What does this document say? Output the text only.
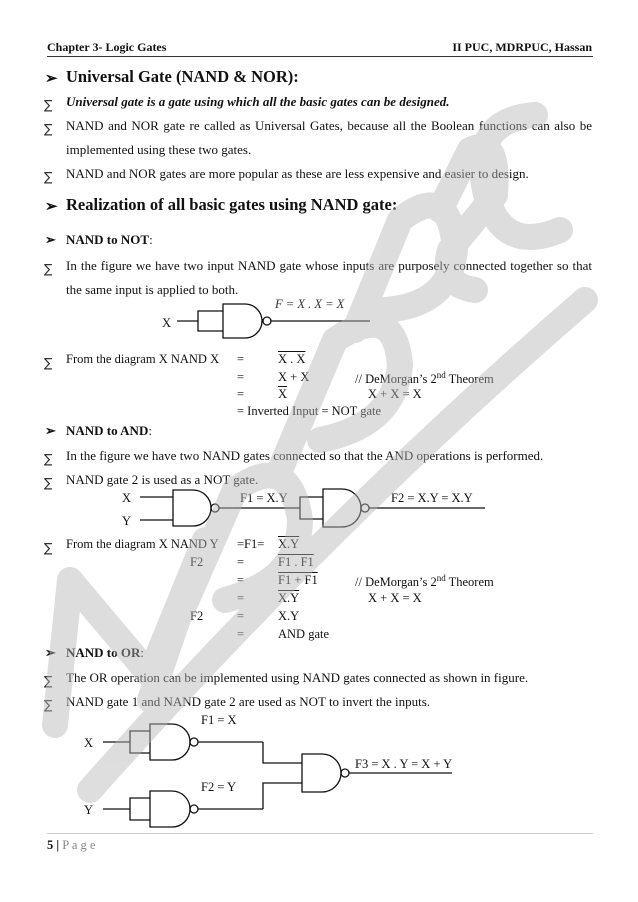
Chapter 3- Logic Gates	II PUC, MDRPUC, Hassan
➢ Universal Gate (NAND & NOR):
∑ Universal gate is a gate using which all the basic gates can be designed.
∑ NAND and NOR gate re called as Universal Gates, because all the Boolean functions can also be implemented using these two gates.
∑ NAND and NOR gates are more popular as these are less expensive and easier to design.
➢ Realization of all basic gates using NAND gate:
➢ NAND to NOT:
∑ In the figure we have two input NAND gate whose inputs are purposely connected together so that the same input is applied to both.
X
F = X . X = X
∑ From the diagram X NAND X =	X . X
=	X + X	// DeMorgan’s 2nd Theorem
=	$\overline{X}$	X + X = X
= Inverted Input = NOT gate
➢ NAND to AND:
∑ In the figure we have two NAND gates connected so that the AND operations is performed.
∑ NAND gate 2 is used as a NOT gate.
X
Y
F1 = X.Y	F2 = X.Y = X.Y
∑ From the diagram X NAND Y =F1= X.Y
F2	=	F1 . F1
=	F1 + F1	// DeMorgan’s 2nd Theorem
=	X.Y	X + X = X
F2	=	X.Y
=	AND gate
➢ NAND to OR:
∑ The OR operation can be implemented using NAND gates connected as shown in figure.
∑ NAND gate 1 and NAND gate 2 are used as NOT to invert the inputs.
X
Y
F1 = X
F2 = Y
F3 = X . Y = X + Y
5 | P a g e
